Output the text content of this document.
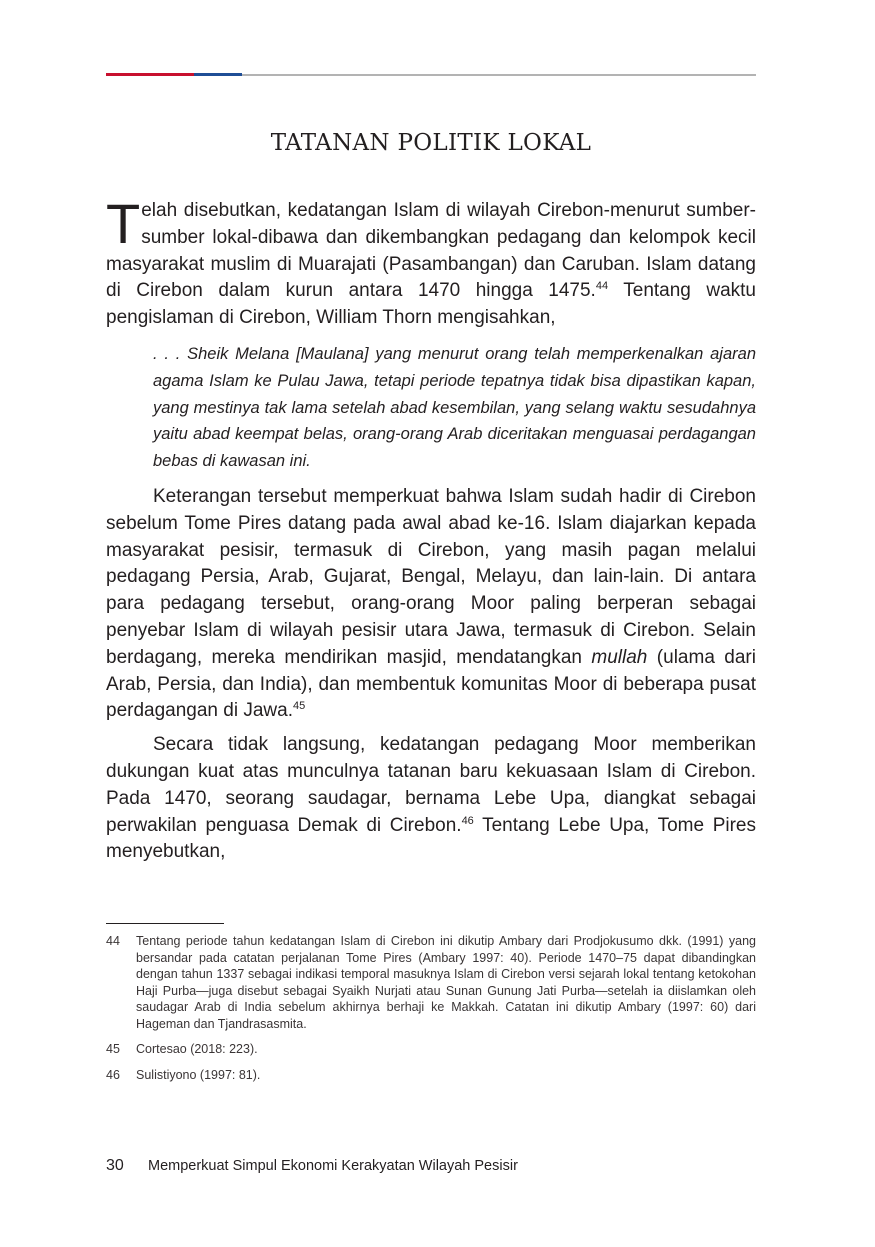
TATANAN POLITIK LOKAL

Telah disebutkan, kedatangan Islam di wilayah Cirebon-menurut sumber-sumber lokal-dibawa dan dikembangkan pedagang dan kelompok kecil masyarakat muslim di Muarajati (Pasambangan) dan Caruban. Islam datang di Cirebon dalam kurun antara 1470 hingga 1475.44 Tentang waktu pengislaman di Cirebon, William Thorn mengisahkan,

. . . Sheik Melana [Maulana] yang menurut orang telah memperkenalkan ajaran agama Islam ke Pulau Jawa, tetapi periode tepatnya tidak bisa dipastikan kapan, yang mestinya tak lama setelah abad kesembilan, yang selang waktu sesudahnya yaitu abad keempat belas, orang-orang Arab diceritakan menguasai perdagangan bebas di kawasan ini.

Keterangan tersebut memperkuat bahwa Islam sudah hadir di Cirebon sebelum Tome Pires datang pada awal abad ke-16. Islam diajarkan kepada masyarakat pesisir, termasuk di Cirebon, yang masih pagan melalui pedagang Persia, Arab, Gujarat, Bengal, Melayu, dan lain-lain. Di antara para pedagang tersebut, orang-orang Moor paling berperan sebagai penyebar Islam di wilayah pesisir utara Jawa, termasuk di Cirebon. Selain berdagang, mereka mendirikan masjid, mendatangkan mullah (ulama dari Arab, Persia, dan India), dan membentuk komunitas Moor di beberapa pusat perdagangan di Jawa.$^{45}$

Secara tidak langsung, kedatangan pedagang Moor memberikan dukungan kuat atas munculnya tatanan baru kekuasaan Islam di Cirebon. Pada 1470, seorang saudagar, bernama Lebe Upa, diangkat sebagai perwakilan penguasa Demak di Cirebon.$^{46}$ Tentang Lebe Upa, Tome Pires menyebutkan,

44	Tentang periode tahun kedatangan Islam di Cirebon ini dikutip Ambary dari Prodjokusumo dkk. (1991) yang bersandar pada catatan perjalanan Tome Pires (Ambary 1997: 40). Periode 1470–75 dapat dibandingkan dengan tahun 1337 sebagai indikasi temporal masuknya Islam di Cirebon versi sejarah lokal tentang ketokohan Haji Purba—juga disebut sebagai Syaikh Nurjati atau Sunan Gunung Jati Purba—setelah ia diislamkan oleh saudagar Arab di India sebelum akhirnya berhaji ke Makkah. Catatan ini dikutip Ambary (1997: 60) dari Hageman dan Tjandrasasmita.
45	Cortesao (2018: 223).
46	Sulistiyono (1997: 81).
30	Memperkuat Simpul Ekonomi Kerakyatan Wilayah Pesisir
